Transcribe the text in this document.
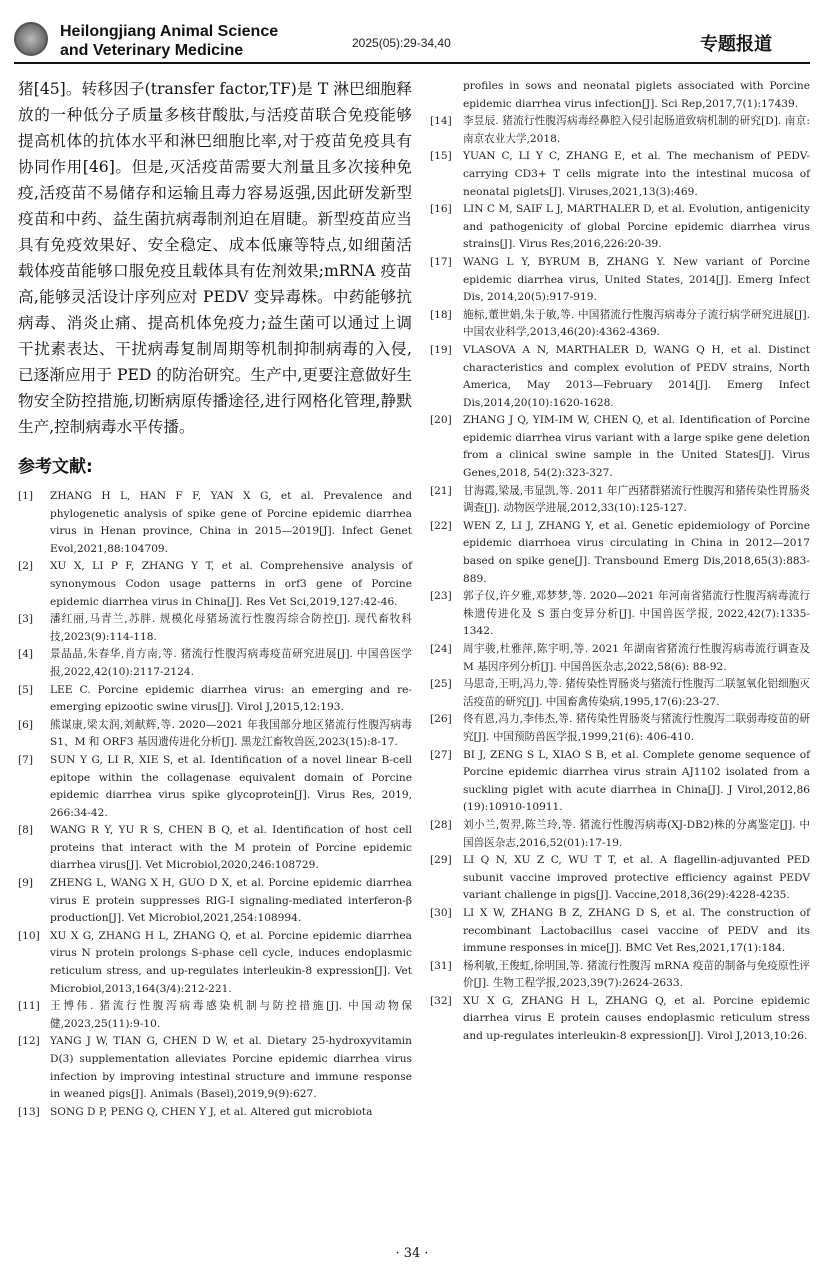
Heilongjiang Animal Science
and Veterinary Medicine	2025(05):29-34,40	专题报道

猪[45]。转移因子(transfer factor,TF)是 T 淋巴细胞释放的一种低分子质量多核苷酸肽,与活疫苗联合免疫能够提高机体的抗体水平和淋巴细胞比率,对于疫苗免疫具有协同作用[46]。但是,灭活疫苗需要大剂量且多次接种免疫,活疫苗不易储存和运输且毒力容易返强,因此研发新型疫苗和中药、益生菌抗病毒制剂迫在眉睫。新型疫苗应当具有免疫效果好、安全稳定、成本低廉等特点,如细菌活载体疫苗能够口服免疫且载体具有佐剂效果;mRNA 疫苗高,能够灵活设计序列应对 PEDV 变异毒株。中药能够抗病毒、消炎止痛、提高机体免疫力;益生菌可以通过上调干扰素表达、干扰病毒复制周期等机制抑制病毒的入侵,已逐渐应用于 PED 的防治研究。生产中,更要注意做好生物安全防控措施,切断病原传播途径,进行网格化管理,静默生产,控制病毒水平传播。

参考文献:
[1] ZHANG H L, HAN F F, YAN X G, et al. Prevalence and phylogenetic analysis of spike gene of Porcine epidemic diarrhea virus in Henan province, China in 2015—2019[J]. Infect Genet Evol,2021,88:104709.
[2] XU X, LI P F, ZHANG Y T, et al. Comprehensive analysis of synonymous Codon usage patterns in orf3 gene of Porcine epidemic diarrhea virus in China[J]. Res Vet Sci,2019,127:42-46.
[3] 潘红丽,马青兰,苏胖. 规模化母猪场流行性腹泻综合防控[J]. 现代畜牧科技,2023(9):114-118.
[4] 景晶晶,朱春华,肖方南,等. 猪流行性腹泻病毒疫苗研究进展[J]. 中国兽医学报,2022,42(10):2117-2124.
[5] LEE C. Porcine epidemic diarrhea virus: an emerging and re-emerging epizootic swine virus[J]. Virol J,2015,12:193.
[6] 熊谋康,梁太润,刘献辉,等. 2020—2021 年我国部分地区猪流行性腹泻病毒 S1、M 和 ORF3 基因遗传进化分析[J]. 黑龙江畜牧兽医,2023(15):8-17.
[7] SUN Y G, LI R, XIE S, et al. Identification of a novel linear B-cell epitope within the collagenase equivalent domain of Porcine epidemic diarrhea virus spike glycoprotein[J]. Virus Res, 2019, 266:34-42.
[8] WANG R Y, YU R S, CHEN B Q, et al. Identification of host cell proteins that interact with the M protein of Porcine epidemic diarrhea virus[J]. Vet Microbiol,2020,246:108729.
[9] ZHENG L, WANG X H, GUO D X, et al. Porcine epidemic diarrhea virus E protein suppresses RIG-I signaling-mediated interferon-β production[J]. Vet Microbiol,2021,254:108994.
[10] XU X G, ZHANG H L, ZHANG Q, et al. Porcine epidemic diarrhea virus N protein prolongs S-phase cell cycle, induces endoplasmic reticulum stress, and up-regulates interleukin-8 expression[J]. Vet Microbiol,2013,164(3/4):212-221.
[11] 王博伟. 猪流行性腹泻病毒感染机制与防控措施[J]. 中国动物保健,2023,25(11):9-10.
[12] YANG J W, TIAN G, CHEN D W, et al. Dietary 25-hydroxyvitamin D(3) supplementation alleviates Porcine epidemic diarrhea virus infection by improving intestinal structure and immune response in weaned pigs[J]. Animals (Basel),2019,9(9):627.
[13] SONG D P, PENG Q, CHEN Y J, et al. Altered gut microbiota
profiles in sows and neonatal piglets associated with Porcine epidemic diarrhea virus infection[J]. Sci Rep,2017,7(1):17439.
[14] 李昱辰. 猪流行性腹泻病毒经鼻腔入侵引起肠道致病机制的研究[D]. 南京:南京农业大学,2018.
[15] YUAN C, LI Y C, ZHANG E, et al. The mechanism of PEDV-carrying CD3+ T cells migrate into the intestinal mucosa of neonatal piglets[J]. Viruses,2021,13(3):469.
[16] LIN C M, SAIF L J, MARTHALER D, et al. Evolution, antigenicity and pathogenicity of global Porcine epidemic diarrhea virus strains[J]. Virus Res,2016,226:20-39.
[17] WANG L Y, BYRUM B, ZHANG Y. New variant of Porcine epidemic diarrhea virus, United States, 2014[J]. Emerg Infect Dis, 2014,20(5):917-919.
[18] 施标,董世娟,朱于敏,等. 中国猪流行性腹泻病毒分子流行病学研究进展[J]. 中国农业科学,2013,46(20):4362-4369.
[19] VLASOVA A N, MARTHALER D, WANG Q H, et al. Distinct characteristics and complex evolution of PEDV strains, North America, May 2013—February 2014[J]. Emerg Infect Dis,2014,20(10):1620-1628.
[20] ZHANG J Q, YIM-IM W, CHEN Q, et al. Identification of Porcine epidemic diarrhea virus variant with a large spike gene deletion from a clinical swine sample in the United States[J]. Virus Genes,2018, 54(2):323-327.
[21] 甘海霞,梁晟,韦显凯,等. 2011 年广西猪群猪流行性腹泻和猪传染性胃肠炎调查[J]. 动物医学进展,2012,33(10):125-127.
[22] WEN Z, LI J, ZHANG Y, et al. Genetic epidemiology of Porcine epidemic diarrhoea virus circulating in China in 2012—2017 based on spike gene[J]. Transbound Emerg Dis,2018,65(3):883-889.
[23] 郭子仪,许夕雅,邓梦梦,等. 2020—2021 年河南省猪流行性腹泻病毒流行株遗传进化及 S 蛋白变异分析[J]. 中国兽医学报, 2022,42(7):1335-1342.
[24] 周宇骏,杜雅萍,陈宇明,等. 2021 年湖南省猪流行性腹泻病毒流行调查及 M 基因序列分析[J]. 中国兽医杂志,2022,58(6): 88-92.
[25] 马思奇,王明,冯力,等. 猪传染性胃肠炎与猪流行性腹泻二联氢氧化铝细胞灭活疫苗的研究[J]. 中国畜禽传染病,1995,17(6):23-27.
[26] 佟有恩,冯力,李伟杰,等. 猪传染性胃肠炎与猪流行性腹泻二联弱毒疫苗的研究[J]. 中国预防兽医学报,1999,21(6): 406-410.
[27] BI J, ZENG S L, XIAO S B, et al. Complete genome sequence of Porcine epidemic diarrhea virus strain AJ1102 isolated from a suckling piglet with acute diarrhea in China[J]. J Virol,2012,86 (19):10910-10911.
[28] 刘小兰,贺羿,陈兰玲,等. 猪流行性腹泻病毒(XJ-DB2)株的分离鉴定[J]. 中国兽医杂志,2016,52(01):17-19.
[29] LI Q N, XU Z C, WU T T, et al. A flagellin-adjuvanted PED subunit vaccine improved protective efficiency against PEDV variant challenge in pigs[J]. Vaccine,2018,36(29):4228-4235.
[30] LI X W, ZHANG B Z, ZHANG D S, et al. The construction of recombinant Lactobacillus casei vaccine of PEDV and its immune responses in mice[J]. BMC Vet Res,2021,17(1):184.
[31] 杨利敏,王俊虹,徐明国,等. 猪流行性腹泻 mRNA 疫苗的制备与免疫原性评价[J]. 生物工程学报,2023,39(7):2624-2633.
[32] XU X G, ZHANG H L, ZHANG Q, et al. Porcine epidemic diarrhea virus E protein causes endoplasmic reticulum stress and up-regulates interleukin-8 expression[J]. Virol J,2013,10:26.
· 34 ·
